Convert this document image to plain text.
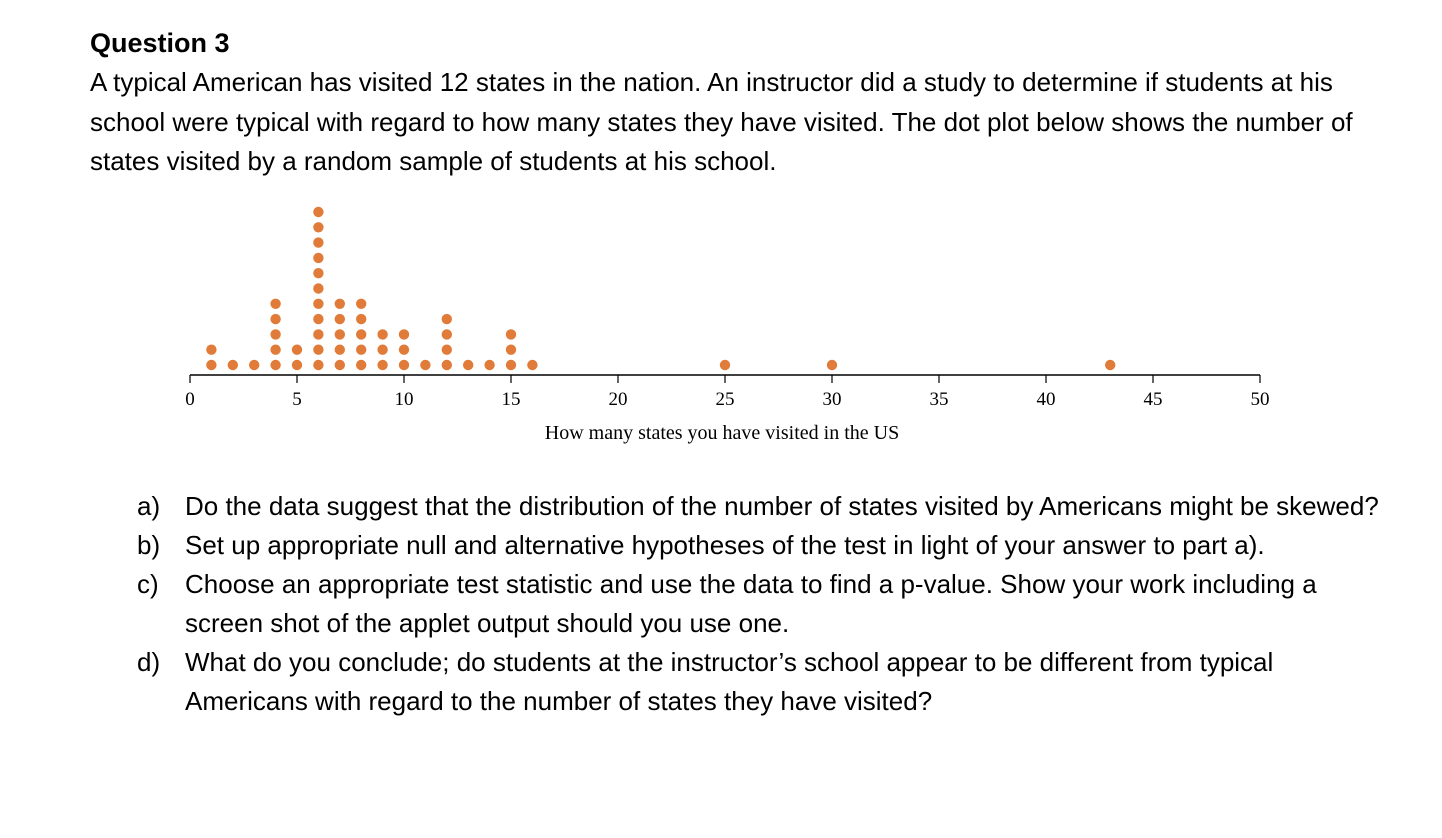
Question 3

A typical American has visited 12 states in the nation. An instructor did a study to determine if students at his school were typical with regard to how many states they have visited. The dot plot below shows the number of states visited by a random sample of students at his school.

0	5	10	15	20	25	30	35	40	45	50
How many states you have visited in the US
a) Do the data suggest that the distribution of the number of states visited by Americans might be skewed?
b) Set up appropriate null and alternative hypotheses of the test in light of your answer to part a).
c) Choose an appropriate test statistic and use the data to find a p-value. Show your work including a screen shot of the applet output should you use one.
d) What do you conclude; do students at the instructor’s school appear to be different from typical Americans with regard to the number of states they have visited?
